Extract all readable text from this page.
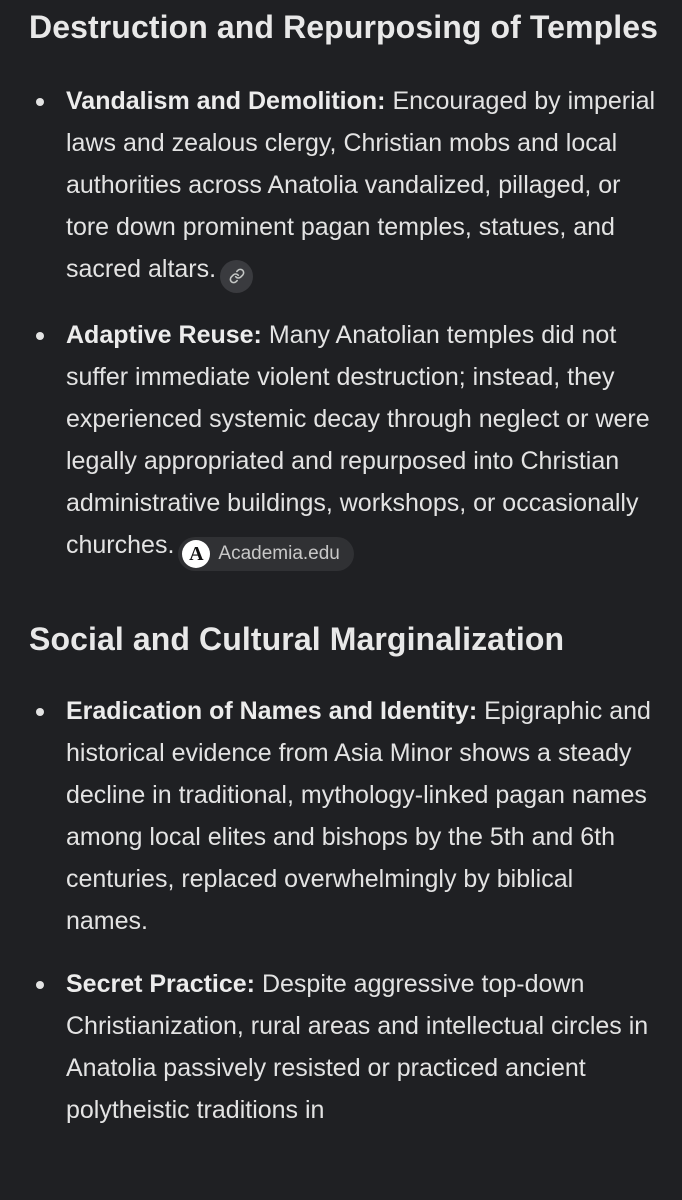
Destruction and Repurposing of Temples
Vandalism and Demolition: Encouraged by imperial laws and zealous clergy, Christian mobs and local authorities across Anatolia vandalized, pillaged, or tore down prominent pagan temples, statues, and sacred altars.
Adaptive Reuse: Many Anatolian temples did not suffer immediate violent destruction; instead, they experienced systemic decay through neglect or were legally appropriated and repurposed into Christian administrative buildings, workshops, or occasionally churches. A Academia.edu
Social and Cultural Marginalization
Eradication of Names and Identity: Epigraphic and historical evidence from Asia Minor shows a steady decline in traditional, mythology-linked pagan names among local elites and bishops by the 5th and 6th centuries, replaced overwhelmingly by biblical names.
Secret Practice: Despite aggressive top-down Christianization, rural areas and intellectual circles in Anatolia passively resisted or practiced ancient polytheistic traditions in
